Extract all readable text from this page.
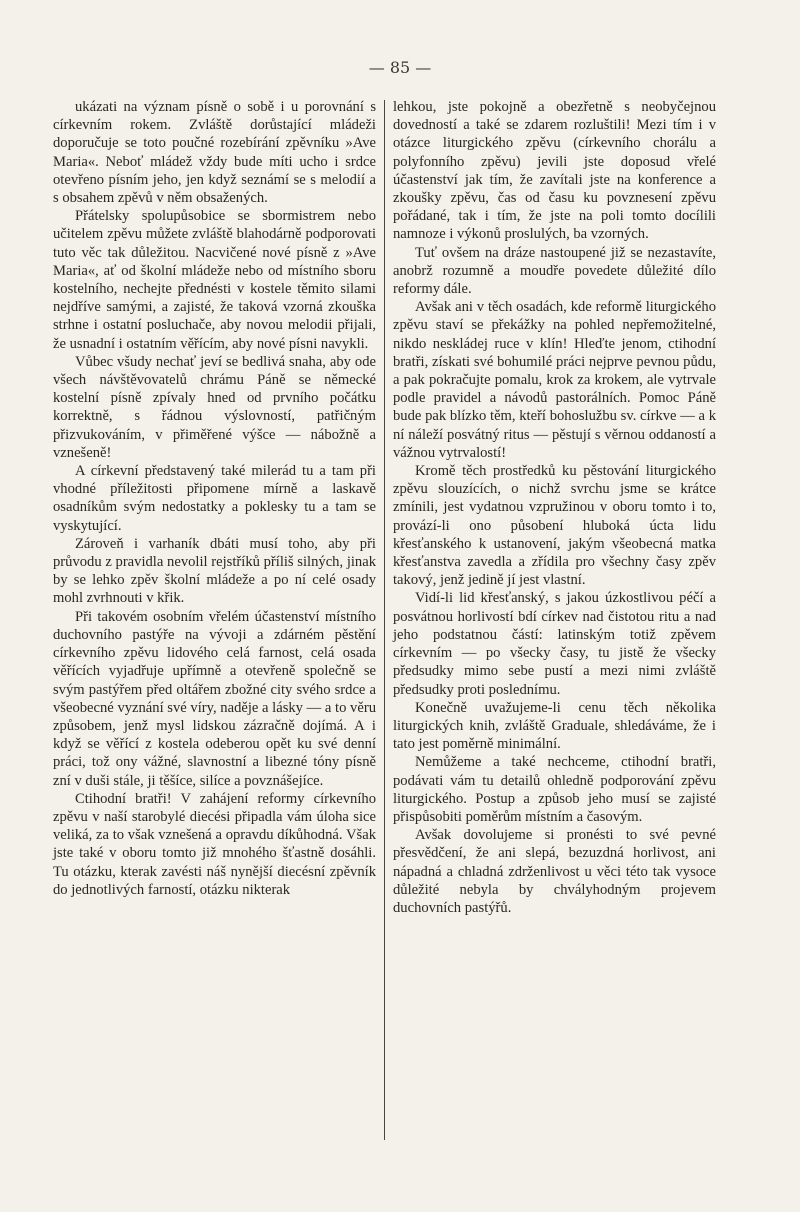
— 85 —

ukázati na význam písně o sobě i u porovnání s církevním rokem. Zvláště dorůstající mládeži doporučuje se toto poučné rozebírání zpěvníku »Ave Maria«. Neboť mládež vždy bude míti ucho i srdce otevřeno písním jeho, jen když seznámí se s melodií a s obsahem zpěvů v něm obsažených.

Přátelsky spolupůsobice se sbormistrem nebo učitelem zpěvu můžete zvláště blahodárně podporovati tuto věc tak důležitou. Nacvičené nové písně z »Ave Maria«, ať od školní mládeže nebo od místního sboru kostelního, nechejte přednésti v kostele těmito silami nejdříve samými, a zajisté, že taková vzorná zkouška strhne i ostatní posluchače, aby novou melodii přijali, že usnadní i ostatním věřícím, aby nové písni navykli.

Vůbec všudy nechať jeví se bedlivá snaha, aby ode všech návštěvovatelů chrámu Páně se německé kostelní písně zpívaly hned od prvního počátku korrektně, s řádnou výslovností, patřičným přizvukováním, v přiměřené výšce — nábožně a vznešeně!

A církevní představený také milerád tu a tam při vhodné příležitosti připomene mírně a laskavě osadníkům svým nedostatky a poklesky tu a tam se vyskytující.

Zároveň i varhaník dbáti musí toho, aby při průvodu z pravidla nevolil rejstříků příliš silných, jinak by se lehko zpěv školní mládeže a po ní celé osady mohl zvrhnouti v křik.

Při takovém osobním vřelém účastenství místního duchovního pastýře na vývoji a zdárném pěstění církevního zpěvu lidového celá farnost, celá osada věřících vyjadřuje upřímně a otevřeně společně se svým pastýřem před oltářem zbožné city svého srdce a všeobecné vyznání své víry, naděje a lásky — a to věru způsobem, jenž mysl lidskou zázračně dojímá. A i když se věřící z kostela odeberou opět ku své denní práci, tož ony vážné, slavnostní a libezné tóny písně zní v duši stále, ji těšíce, silíce a povznášejíce.

Ctihodní bratři! V zahájení reformy církevního zpěvu v naší starobylé diecési připadla vám úloha sice veliká, za to však vznešená a opravdu díkůhodná. Však jste také v oboru tomto již mnohého šťastně dosáhli. Tu otázku, kterak zavésti náš nynější diecésní zpěvník do jednotlivých farností, otázku nikterak

lehkou, jste pokojně a obezřetně s neobyčejnou dovedností a také se zdarem rozluštili! Mezi tím i v otázce liturgického zpěvu (církevního chorálu a polyfonního zpěvu) jevili jste doposud vřelé účastenství jak tím, že zavítali jste na konference a zkoušky zpěvu, čas od času ku povznesení zpěvu pořádané, tak i tím, že jste na poli tomto docílili namnoze i výkonů proslulých, ba vzorných.

Tuť ovšem na dráze nastoupené již se nezastavíte, anobrž rozumně a moudře povedete důležité dílo reformy dále.

Avšak ani v těch osadách, kde reformě liturgického zpěvu staví se překážky na pohled nepřemožitelné, nikdo neskládej ruce v klín! Hleďte jenom, ctihodní bratři, získati své bohumilé práci nejprve pevnou půdu, a pak pokračujte pomalu, krok za krokem, ale vytrvale podle pravidel a návodů pastorálních. Pomoc Páně bude pak blízko těm, kteří bohoslužbu sv. církve — a k ní náleží posvátný ritus — pěstují s věrnou oddaností a vážnou vytrvalostí!

Kromě těch prostředků ku pěstování liturgického zpěvu slouzících, o nichž svrchu jsme se krátce zmínili, jest vydatnou vzpružinou v oboru tomto i to, provází-li ono působení hluboká úcta lidu křesťanského k ustanovení, jakým všeobecná matka křesťanstva zavedla a zřídila pro všechny časy zpěv takový, jenž jedině jí jest vlastní.

Vidí-li lid křesťanský, s jakou úzkostlivou péčí a posvátnou horlivostí bdí církev nad čistotou ritu a nad jeho podstatnou částí: latinským totiž zpěvem církevním — po všecky časy, tu jistě že všecky předsudky mimo sebe pustí a mezi nimi zvláště předsudky proti poslednímu.

Konečně uvažujeme-li cenu těch několika liturgických knih, zvláště Graduale, shledáváme, že i tato jest poměrně minimální.

Nemůžeme a také nechceme, ctihodní bratři, podávati vám tu detailů ohledně podporování zpěvu liturgického. Postup a způsob jeho musí se zajisté přispůsobiti poměrům místním a časovým.

Avšak dovolujeme si pronésti to své pevné přesvědčení, že ani slepá, bezuzdná horlivost, ani nápadná a chladná zdrženlivost u věci této tak vysoce důležité nebyla by chvályhodným projevem duchovních pastýřů.
